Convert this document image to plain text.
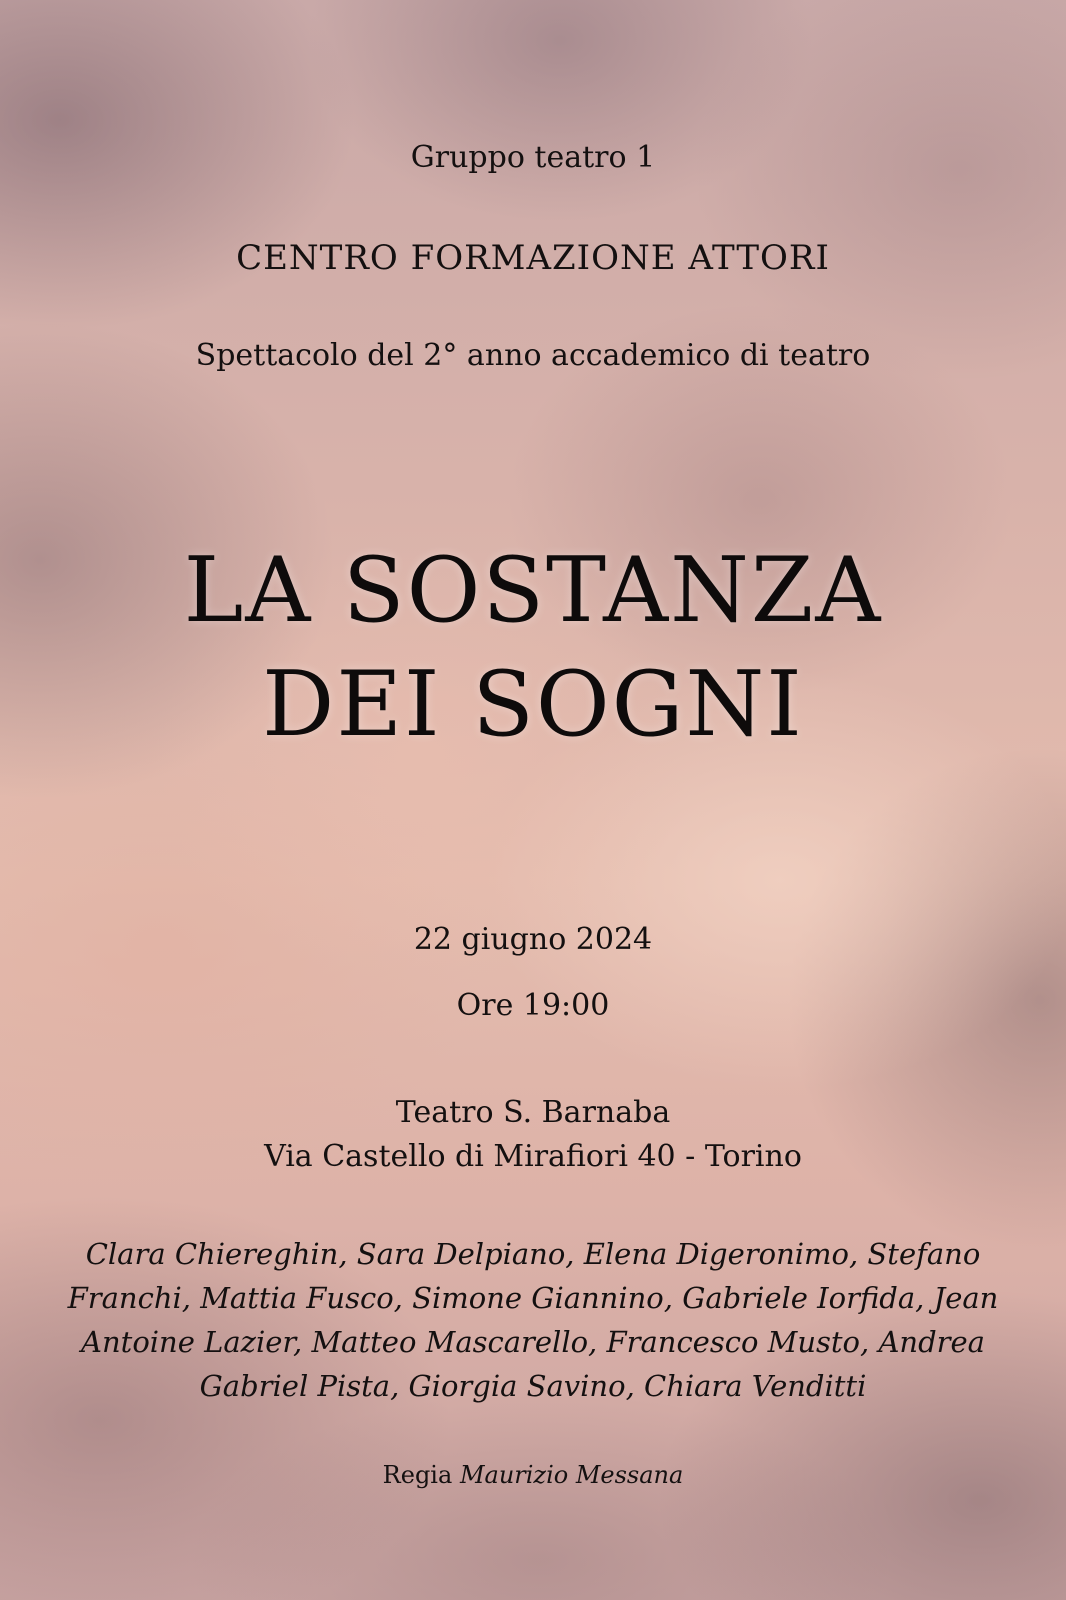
Gruppo teatro 1
CENTRO FORMAZIONE ATTORI
Spettacolo del 2° anno accademico di teatro
LA SOSTANZA
DEI SOGNI
22 giugno 2024
Ore 19:00
Teatro S. Barnaba
Via Castello di Mirafiori 40 - Torino
Clara Chiereghin, Sara Delpiano, Elena Digeronimo, Stefano Franchi, Mattia Fusco, Simone Giannino, Gabriele Iorfida, Jean Antoine Lazier, Matteo Mascarello, Francesco Musto, Andrea Gabriel Pista, Giorgia Savino, Chiara Venditti
Regia Maurizio Messana
